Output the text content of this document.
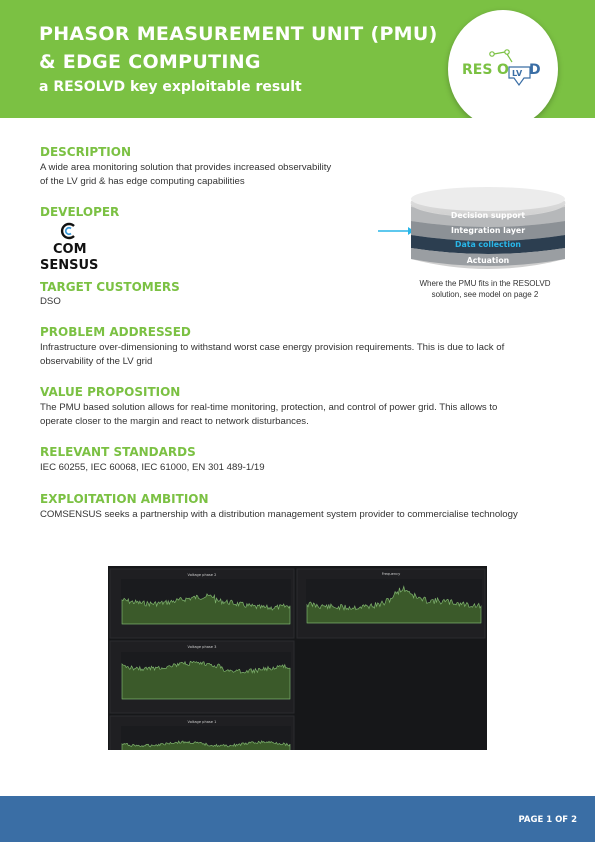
PHASOR MEASUREMENT UNIT (PMU)
& EDGE COMPUTING
a RESOLVD key exploitable result
RES O LV D
DESCRIPTION
A wide area monitoring solution that provides increased observability
of the LV grid & has edge computing capabilities
DEVELOPER
COM
SENSUS
TARGET CUSTOMERS
DSO
PROBLEM ADDRESSED
Infrastructure over-dimensioning to withstand worst case energy provision requirements. This is due to lack of
observability of the LV grid
VALUE PROPOSITION
The PMU based solution allows for real-time monitoring, protection, and control of power grid. This allows to
operate closer to the margin and react to network disturbances.
RELEVANT STANDARDS
IEC 60255, IEC 60068, IEC 61000, EN 301 489-1/19
EXPLOITATION AMBITION
COMSENSUS seeks a partnership with a distribution management system provider to commercialise technology
Decision support
Integration layer
Data collection
Actuation
Where the PMU fits in the RESOLVD
solution, see model on page 2
Voltage phase 2	Frequency
Voltage phase 3
Voltage phase 1
PAGE 1 OF 2
